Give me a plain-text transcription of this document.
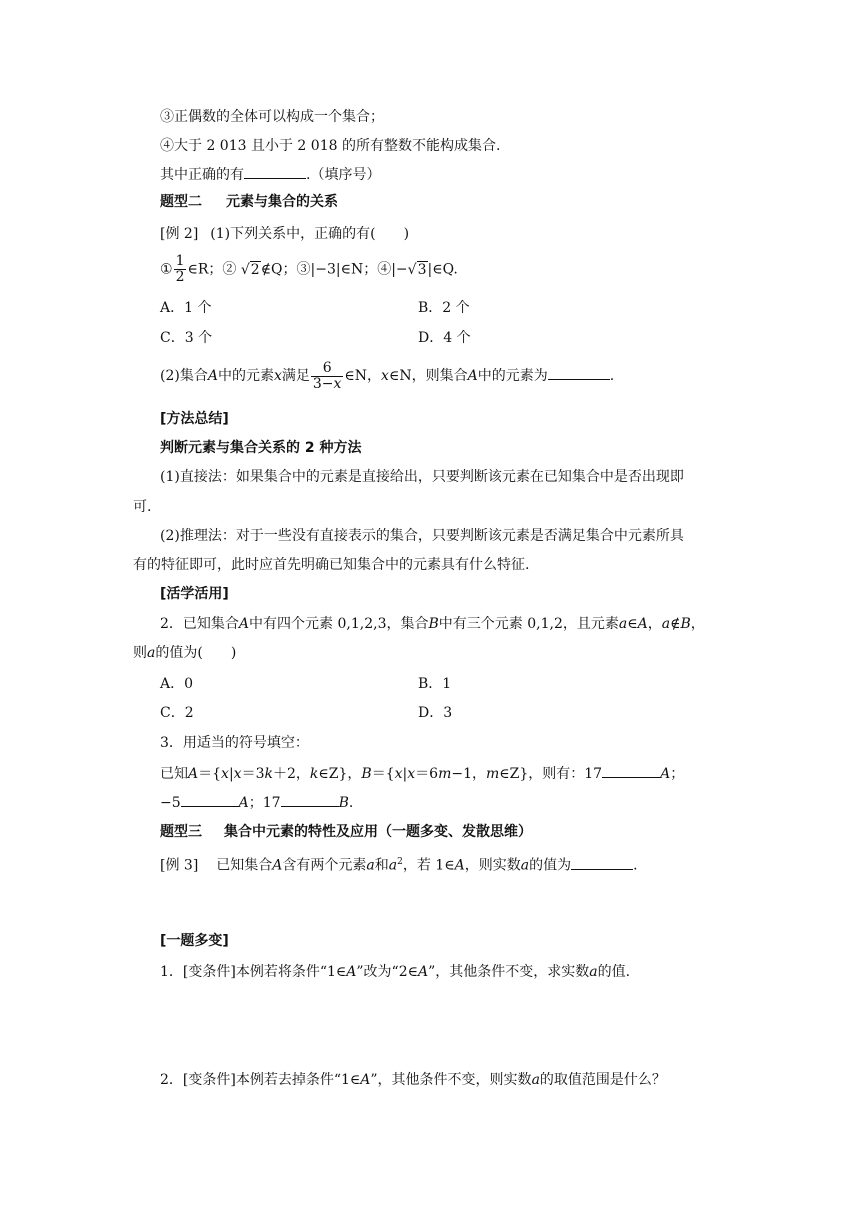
③正偶数的全体可以构成一个集合；
④大于 2 013 且小于 2 018 的所有整数不能构成集合.
其中正确的有	.（填序号）
题型二 元素与集合的关系
[例 2] (1)下列关系中，正确的有(　　)
① $\frac{1}{2}$ ∈R；② √2∉Q；③|−3|∈N；④|−√3|∈Q.
A．1 个	B．2 个
C．3 个	D．4 个
(2)集合A中的元素x满足 $\frac{6}{3-x}$ ∈N，x∈N，则集合A中的元素为	.
[方法总结]
判断元素与集合关系的 2 种方法
(1)直接法：如果集合中的元素是直接给出，只要判断该元素在已知集合中是否出现即
可.
(2)推理法：对于一些没有直接表示的集合，只要判断该元素是否满足集合中元素所具
有的特征即可，此时应首先明确已知集合中的元素具有什么特征.
[活学活用]
2．已知集合A中有四个元素 0,1,2,3，集合B中有三个元素 0,1,2，且元素a∈A，a∉B，
则a的值为(　　)
A．0	B．1
C．2	D．3
3．用适当的符号填空：
已知A＝{x|x＝3k＋2，k∈Z}，B＝{x|x＝6m−1，m∈Z}，则有：17	A；
−5	A；17	B.
题型三 集合中元素的特性及应用（一题多变、发散思维）
[例 3] 已知集合A含有两个元素a和$a^2$，若 1∈A，则实数a的值为	.
[一题多变]
1．[变条件]本例若将条件“1∈A”改为“2∈A”，其他条件不变，求实数a的值.
2．[变条件]本例若去掉条件“1∈A”，其他条件不变，则实数a的取值范围是什么？
